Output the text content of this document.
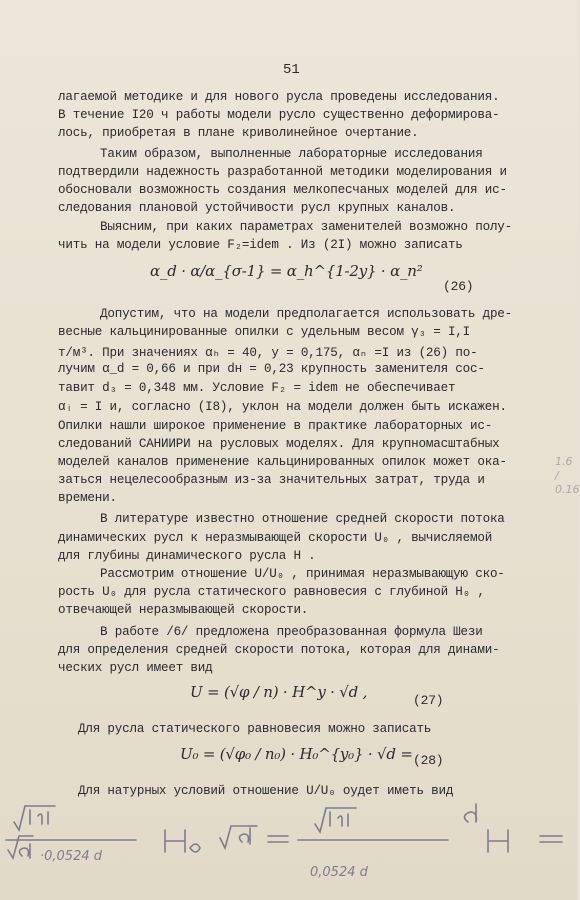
51
лагаемой методике и для нового русла проведены исследования.
В течение I20 ч работы модели русло существенно деформирова-
лось, приобретая в плане криволинейное очертание.
Таким образом, выполненные лабораторные исследования
подтвердили надежность разработанной методики моделирования и
обосновали возможность создания мелкопесчаных моделей для ис-
следования плановой устойчивости русл крупных каналов.
Выясним, при каких параметрах заменителей возможно полу-
чить на модели условие F₂=idem . Из (2I) можно записать
α_d · α/α_{σ-1} = α_h^{1-2y} · α_n²
(26)
Допустим, что на модели предполагается использовать дре-
весные кальцинированные опилки с удельным весом γ₃ = I,I
т/м³. При значениях αₕ = 40, y = 0,175, αₙ =I из (26) по-
лучим α_d = 0,66 и при dн = 0,23 крупность заменителя сос-
тавит d₃ = 0,348 мм. Условие F₂ = idem не обеспечивает
αᵢ = I и, согласно (I8), уклон на модели должен быть искажен.
Опилки нашли широкое применение в практике лабораторных ис-
следований САНИИРИ на русловых моделях. Для крупномасштабных
моделей каналов применение кальцинированных опилок может ока-
заться нецелесообразным из-за значительных затрат, труда и
времени.
В литературе известно отношение средней скорости потока
динамических русл к неразмывающей скорости U₀ , вычисляемой
для глубины динамического русла H .
Рассмотрим отношение U/U₀ , принимая неразмывающую ско-
рость U₀ для русла статического равновесия с глубиной H₀ ,
отвечающей неразмывающей скорости.
В работе /6/ предложена преобразованная формула Шези
для определения средней скорости потока, которая для динами-
ческих русл имеет вид
U = (√φ / n) · H^y · √d ,	(27)
Для русла статического равновесия можно записать
U₀ = (√φ₀ / n₀) · H₀^{y₀} · √d = (28)
Для натурных условий отношение U/U₀ оудет иметь вид
1.6 / 0.16
·0,0524 d
0,0524 d
